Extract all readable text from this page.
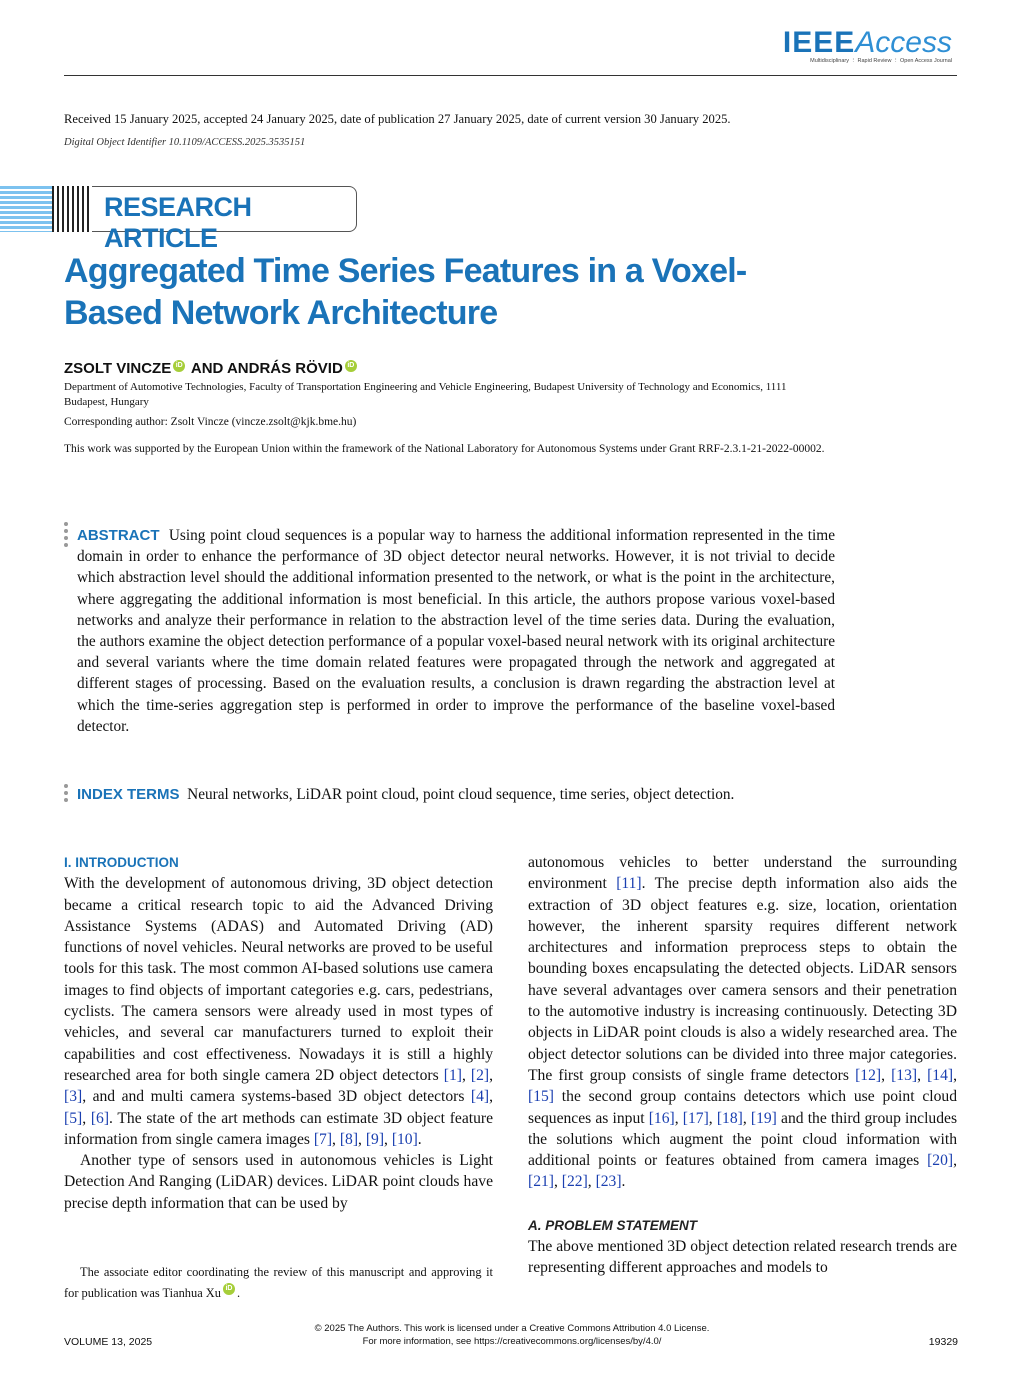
IEEEAccess
Multidisciplinary ⋮ Rapid Review ⋮ Open Access Journal
Received 15 January 2025, accepted 24 January 2025, date of publication 27 January 2025, date of current version 30 January 2025.
Digital Object Identifier 10.1109/ACCESS.2025.3535151
RESEARCH ARTICLE
Aggregated Time Series Features in a Voxel-Based Network Architecture
ZSOLT VINCZE iD AND ANDRÁS RÖVID iD
Department of Automotive Technologies, Faculty of Transportation Engineering and Vehicle Engineering, Budapest University of Technology and Economics, 1111 Budapest, Hungary
Corresponding author: Zsolt Vincze (vincze.zsolt@kjk.bme.hu)
This work was supported by the European Union within the framework of the National Laboratory for Autonomous Systems under Grant RRF-2.3.1-21-2022-00002.
ABSTRACT Using point cloud sequences is a popular way to harness the additional information represented in the time domain in order to enhance the performance of 3D object detector neural networks. However, it is not trivial to decide which abstraction level should the additional information presented to the network, or what is the point in the architecture, where aggregating the additional information is most beneficial. In this article, the authors propose various voxel-based networks and analyze their performance in relation to the abstraction level of the time series data. During the evaluation, the authors examine the object detection performance of a popular voxel-based neural network with its original architecture and several variants where the time domain related features were propagated through the network and aggregated at different stages of processing. Based on the evaluation results, a conclusion is drawn regarding the abstraction level at which the time-series aggregation step is performed in order to improve the performance of the baseline voxel-based detector.
INDEX TERMS Neural networks, LiDAR point cloud, point cloud sequence, time series, object detection.
I. INTRODUCTION

With the development of autonomous driving, 3D object detection became a critical research topic to aid the Advanced Driving Assistance Systems (ADAS) and Automated Driving (AD) functions of novel vehicles. Neural networks are proved to be useful tools for this task. The most common AI-based solutions use camera images to find objects of important categories e.g. cars, pedestrians, cyclists. The camera sensors were already used in most types of vehicles, and several car manufacturers turned to exploit their capabilities and cost effectiveness. Nowadays it is still a highly researched area for both single camera 2D object detectors [1], [2], [3], and and multi camera systems-based 3D object detectors [4], [5], [6]. The state of the art methods can estimate 3D object feature information from single camera images [7], [8], [9], [10].

Another type of sensors used in autonomous vehicles is Light Detection And Ranging (LiDAR) devices. LiDAR point clouds have precise depth information that can be used by

The associate editor coordinating the review of this manuscript and approving it for publication was Tianhua Xu iD .

autonomous vehicles to better understand the surrounding environment [11]. The precise depth information also aids the extraction of 3D object features e.g. size, location, orientation however, the inherent sparsity requires different network architectures and information preprocess steps to obtain the bounding boxes encapsulating the detected objects. LiDAR sensors have several advantages over camera sensors and their penetration to the automotive industry is increasing continuously. Detecting 3D objects in LiDAR point clouds is also a widely researched area. The object detector solutions can be divided into three major categories. The first group consists of single frame detectors [12], [13], [14], [15] the second group contains detectors which use point cloud sequences as input [16], [17], [18], [19] and the third group includes the solutions which augment the point cloud information with additional points or features obtained from camera images [20], [21], [22], [23].

A. PROBLEM STATEMENT

The above mentioned 3D object detection related research trends are representing different approaches and models to

© 2025 The Authors. This work is licensed under a Creative Commons Attribution 4.0 License.
For more information, see https://creativecommons.org/licenses/by/4.0/
VOLUME 13, 2025	19329
